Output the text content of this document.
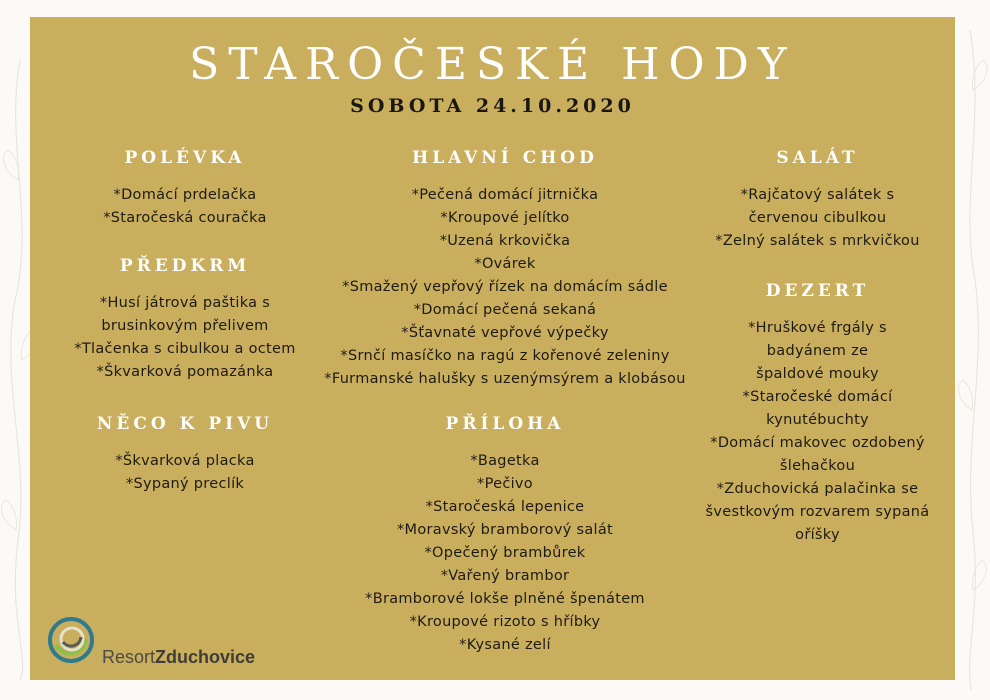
STAROČESKÉ HODY
SOBOTA 24.10.2020
POLÉVKA
*Domácí prdelačka
*Staročeská couračka
PŘEDKRM
*Husí játrová paštika s
brusinkovým přelivem
*Tlačenka s cibulkou a octem
*Škvarková pomazánka
NĚCO K PIVU
*Škvarková placka
*Sypaný preclík
HLAVNÍ CHOD
*Pečená domácí jitrnička
*Kroupové jelítko
*Uzená krkovička
*Ovárek
*Smažený vepřový řízek na domácím sádle
*Domácí pečená sekaná
*Šťavnaté vepřové výpečky
*Srnčí masíčko na ragú z kořenové zeleniny
*Furmanské halušky s uzenýmsýrem a klobásou
PŘÍLOHA
*Bagetka
*Pečivo
*Staročeská lepenice
*Moravský bramborový salát
*Opečený brambůrek
*Vařený brambor
*Bramborové lokše plněné špenátem
*Kroupové rizoto s hříbky
*Kysané zelí
SALÁT
*Rajčatový salátek s
červenou cibulkou
*Zelný salátek s mrkvičkou
DEZERT
*Hruškové frgály s
badyánem ze
špaldové mouky
*Staročeské domácí
kynutébuchty
*Domácí makovec ozdobený
šlehačkou
*Zduchovická palačinka se
švestkovým rozvarem sypaná
oříšky
ResortZduchovice
